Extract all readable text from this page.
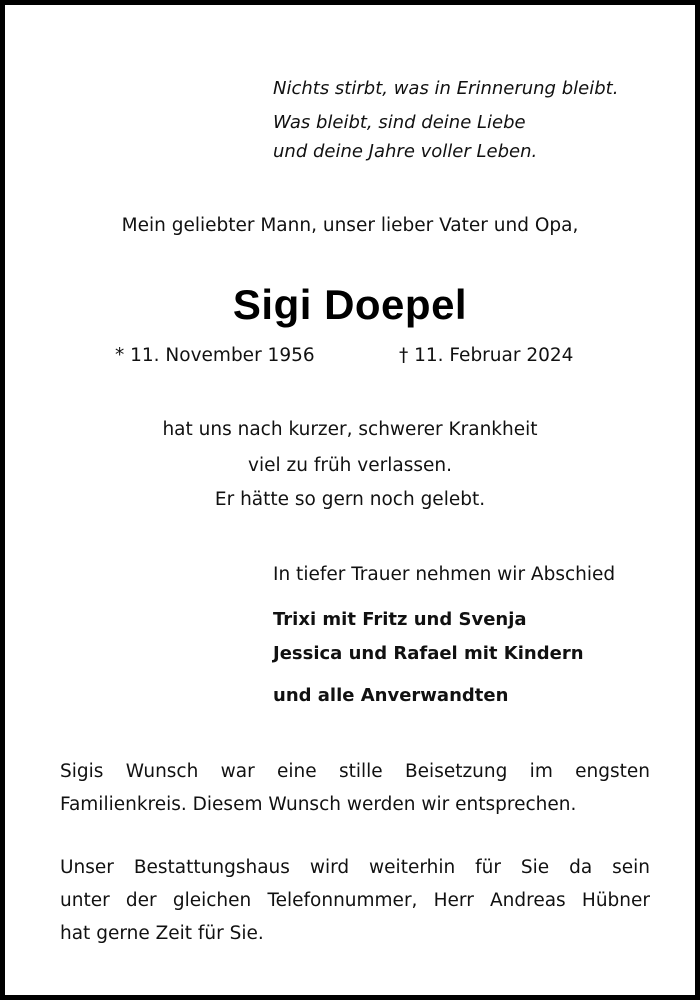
Nichts stirbt, was in Erinnerung bleibt.
Was bleibt, sind deine Liebe
und deine Jahre voller Leben.
Mein geliebter Mann, unser lieber Vater und Opa,
Sigi Doepel
* 11. November 1956	† 11. Februar 2024
hat uns nach kurzer, schwerer Krankheit
viel zu früh verlassen.
Er hätte so gern noch gelebt.
In tiefer Trauer nehmen wir Abschied
Trixi mit Fritz und Svenja
Jessica und Rafael mit Kindern
und alle Anverwandten
Sigis Wunsch war eine stille Beisetzung im engsten
Familienkreis. Diesem Wunsch werden wir entsprechen.
Unser Bestattungshaus wird weiterhin für Sie da sein
unter der gleichen Telefonnummer, Herr Andreas Hübner
hat gerne Zeit für Sie.
